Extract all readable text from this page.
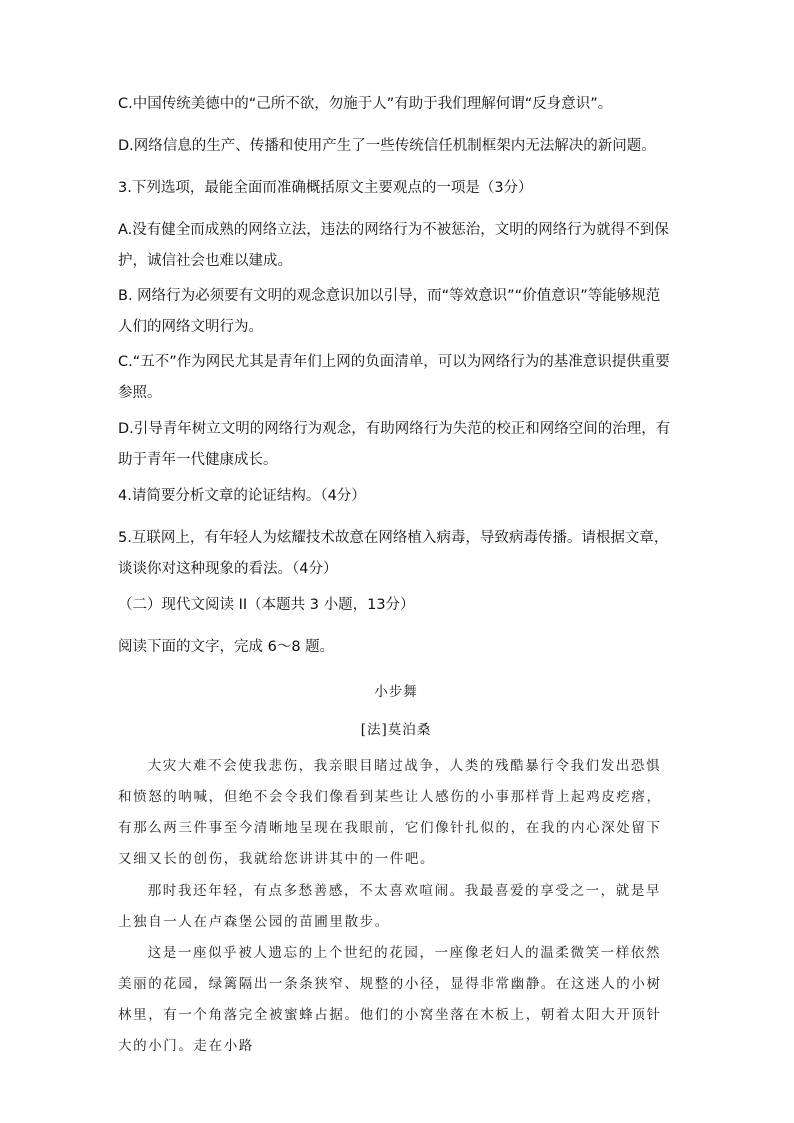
C.中国传统美德中的“己所不欲，勿施于人”有助于我们理解何谓“反身意识”。

D.网络信息的生产、传播和使用产生了一些传统信任机制框架内无法解决的新问题。

3.下列选项，最能全面而准确概括原文主要观点的一项是（3分）

A.没有健全而成熟的网络立法，违法的网络行为不被惩治，文明的网络行为就得不到保护，诚信社会也难以建成。

B. 网络行为必须要有文明的观念意识加以引导，而“等效意识”“价值意识”等能够规范人们的网络文明行为。

C.“五不”作为网民尤其是青年们上网的负面清单，可以为网络行为的基准意识提供重要参照。

D.引导青年树立文明的网络行为观念，有助网络行为失范的校正和网络空间的治理，有助于青年一代健康成长。

4.请简要分析文章的论证结构。（4分）

5.互联网上，有年轻人为炫耀技术故意在网络植入病毒，导致病毒传播。请根据文章，谈谈你对这种现象的看法。（4分）

（二）现代文阅读 II（本题共 3 小题，13分）

阅读下面的文字，完成 6～8 题。

小步舞

[法]莫泊桑

大灾大难不会使我悲伤，我亲眼目睹过战争，人类的残酷暴行令我们发出恐惧和愤怒的呐喊，但绝不会令我们像看到某些让人感伤的小事那样背上起鸡皮疙瘩，有那么两三件事至今清晰地呈现在我眼前，它们像针扎似的，在我的内心深处留下又细又长的创伤，我就给您讲讲其中的一件吧。

那时我还年轻，有点多愁善感，不太喜欢喧闹。我最喜爱的享受之一，就是早上独自一人在卢森堡公园的苗圃里散步。

这是一座似乎被人遗忘的上个世纪的花园，一座像老妇人的温柔微笑一样依然美丽的花园，绿篱隔出一条条狭窄、规整的小径，显得非常幽静。在这迷人的小树林里，有一个角落完全被蜜蜂占据。他们的小窝坐落在木板上，朝着太阳大开顶针大的小门。走在小路
